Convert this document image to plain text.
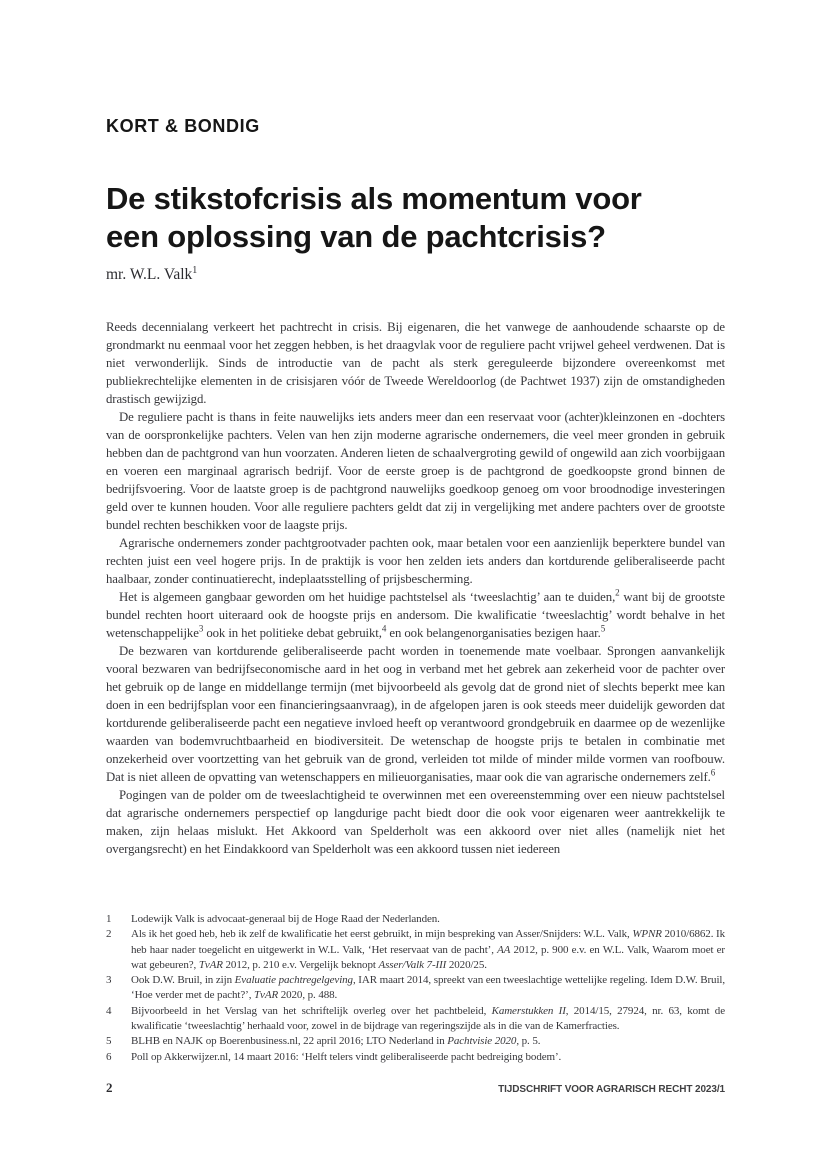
KORT & BONDIG
De stikstofcrisis als momentum voor
een oplossing van de pachtcrisis?
mr. W.L. Valk$^1$

Reeds decennialang verkeert het pachtrecht in crisis. Bij eigenaren, die het vanwege de aanhoudende schaarste op de grondmarkt nu eenmaal voor het zeggen hebben, is het draagvlak voor de reguliere pacht vrijwel geheel verdwenen. Dat is niet verwonderlijk. Sinds de introductie van de pacht als sterk gereguleerde bijzondere overeenkomst met publiekrechtelijke elementen in de crisisjaren vóór de Tweede Wereldoorlog (de Pachtwet 1937) zijn de omstandigheden drastisch gewijzigd.

De reguliere pacht is thans in feite nauwelijks iets anders meer dan een reservaat voor (achter)kleinzonen en -dochters van de oorspronkelijke pachters. Velen van hen zijn moderne agrarische ondernemers, die veel meer gronden in gebruik hebben dan de pachtgrond van hun voorzaten. Anderen lieten de schaalvergroting gewild of ongewild aan zich voorbijgaan en voeren een marginaal agrarisch bedrijf. Voor de eerste groep is de pachtgrond de goedkoopste grond binnen de bedrijfsvoering. Voor de laatste groep is de pachtgrond nauwelijks goedkoop genoeg om voor broodnodige investeringen geld over te kunnen houden. Voor alle reguliere pachters geldt dat zij in vergelijking met andere pachters over de grootste bundel rechten beschikken voor de laagste prijs.

Agrarische ondernemers zonder pachtgrootvader pachten ook, maar betalen voor een aanzienlijk beperktere bundel van rechten juist een veel hogere prijs. In de praktijk is voor hen zelden iets anders dan kortdurende geliberaliseerde pacht haalbaar, zonder continuatierecht, indeplaatsstelling of prijsbescherming.

Het is algemeen gangbaar geworden om het huidige pachtstelsel als ‘tweeslachtig’ aan te duiden,$^2$ want bij de grootste bundel rechten hoort uiteraard ook de hoogste prijs en andersom. Die kwalificatie ‘tweeslachtig’ wordt behalve in het wetenschappelijke$^3$ ook in het politieke debat gebruikt,$^4$ en ook belangenorganisaties bezigen haar.$^5$

De bezwaren van kortdurende geliberaliseerde pacht worden in toenemende mate voelbaar. Sprongen aanvankelijk vooral bezwaren van bedrijfseconomische aard in het oog in verband met het gebrek aan zekerheid voor de pachter over het gebruik op de lange en middellange termijn (met bijvoorbeeld als gevolg dat de grond niet of slechts beperkt mee kan doen in een bedrijfsplan voor een financieringsaanvraag), in de afgelopen jaren is ook steeds meer duidelijk geworden dat kortdurende geliberaliseerde pacht een negatieve invloed heeft op verantwoord grondgebruik en daarmee op de wezenlijke waarden van bodemvruchtbaarheid en biodiversiteit. De wetenschap de hoogste prijs te betalen in combinatie met onzekerheid over voortzetting van het gebruik van de grond, verleiden tot milde of minder milde vormen van roofbouw. Dat is niet alleen de opvatting van wetenschappers en milieuorganisaties, maar ook die van agrarische ondernemers zelf.$^6$

Pogingen van de polder om de tweeslachtigheid te overwinnen met een overeenstemming over een nieuw pachtstelsel dat agrarische ondernemers perspectief op langdurige pacht biedt door die ook voor eigenaren weer aantrekkelijk te maken, zijn helaas mislukt. Het Akkoord van Spelderholt was een akkoord over niet alles (namelijk niet het overgangsrecht) en het Eindakkoord van Spelderholt was een akkoord tussen niet iedereen

1	Lodewijk Valk is advocaat-generaal bij de Hoge Raad der Nederlanden.
2	Als ik het goed heb, heb ik zelf de kwalificatie het eerst gebruikt, in mijn bespreking van Asser/Snijders: W.L. Valk, WPNR 2010/6862. Ik heb haar nader toegelicht en uitgewerkt in W.L. Valk, ‘Het reservaat van de pacht’, AA 2012, p. 900 e.v. en W.L. Valk, Waarom moet er wat gebeuren?, TvAR 2012, p. 210 e.v. Vergelijk beknopt Asser/Valk 7-III 2020/25.
3	Ook D.W. Bruil, in zijn Evaluatie pachtregelgeving, IAR maart 2014, spreekt van een tweeslachtige wettelijke regeling. Idem D.W. Bruil, ‘Hoe verder met de pacht?’, TvAR 2020, p. 488.
4	Bijvoorbeeld in het Verslag van het schriftelijk overleg over het pachtbeleid, Kamerstukken II, 2014/15, 27924, nr. 63, komt de kwalificatie ‘tweeslachtig’ herhaald voor, zowel in de bijdrage van regeringszijde als in die van de Kamerfracties.
5	BLHB en NAJK op Boerenbusiness.nl, 22 april 2016; LTO Nederland in Pachtvisie 2020, p. 5.
6	Poll op Akkerwijzer.nl, 14 maart 2016: ‘Helft telers vindt geliberaliseerde pacht bedreiging bodem’.
2	TIJDSCHRIFT VOOR AGRARISCH RECHT 2023/1
